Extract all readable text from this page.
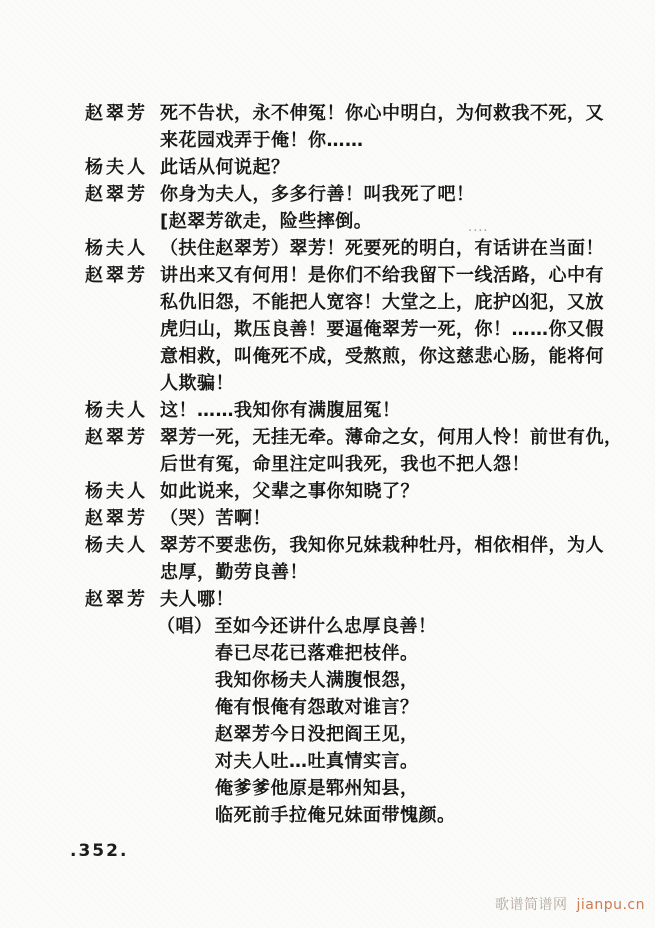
赵翠芳 死不告状，永不伸冤！你心中明白，为何救我不死，又
来花园戏弄于俺！你……
杨夫人 此话从何说起？
赵翠芳 你身为夫人，多多行善！叫我死了吧！
[赵翠芳欲走，险些摔倒。
杨夫人 （扶住赵翠芳）翠芳！死要死的明白，有话讲在当面！
赵翠芳 讲出来又有何用！是你们不给我留下一线活路，心中有
私仇旧怨，不能把人宽容！大堂之上，庇护凶犯，又放
虎归山，欺压良善！要逼俺翠芳一死，你！……你又假
意相救，叫俺死不成，受熬煎，你这慈悲心肠，能将何
人欺骗！
杨夫人 这！……我知你有满腹屈冤！
赵翠芳 翠芳一死，无挂无牵。薄命之女，何用人怜！前世有仇，
后世有冤，命里注定叫我死，我也不把人怨！
杨夫人 如此说来，父辈之事你知晓了？
赵翠芳 （哭）苦啊！
杨夫人 翠芳不要悲伤，我知你兄妹栽种牡丹，相依相伴，为人
忠厚，勤劳良善！
赵翠芳 夫人哪！
（唱） 至如今还讲什么忠厚良善！
春已尽花已落难把枝伴。
我知你杨夫人满腹恨怨，
俺有恨俺有怨敢对谁言？
赵翠芳今日没把阎王见，
对夫人吐…吐真情实言。
俺爹爹他原是郓州知县，
临死前手拉俺兄妹面带愧颜。
....
.352.
歌谱简谱网 jianpu.cn
